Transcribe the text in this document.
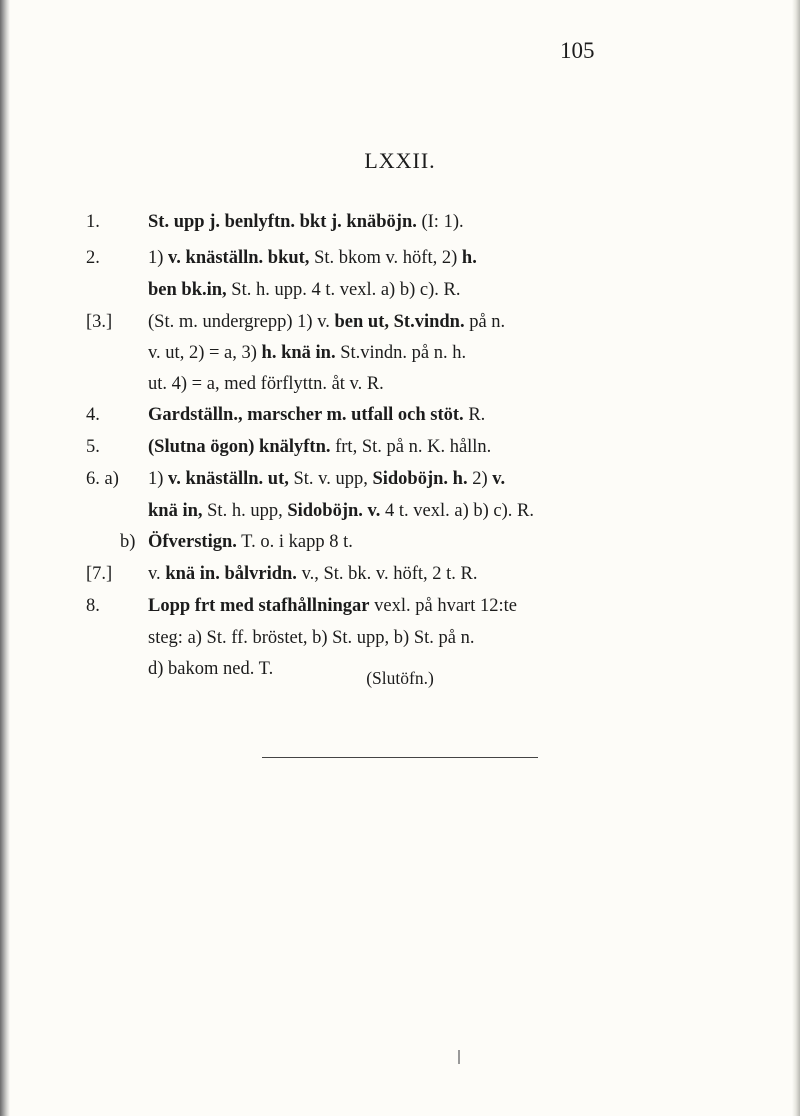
105
LXXII.
1.	St. upp j. benlyftn. bkt j. knäböjn. (I: 1).
2.	1) v. knäställn. bkut, St. bkom v. höft, 2) h.
ben bk.in, St. h. upp. 4 t. vexl. a) b) c). R.
[3.] (St. m. undergrepp) 1) v. ben ut, St.vindn. på n.
v. ut, 2) = a, 3) h. knä in. St.vindn. på n. h.
ut. 4) = a, med förflyttn. åt v. R.
4.	Gardställn., marscher m. utfall och stöt. R.
5.	(Slutna ögon) knälyftn. frt, St. på n. K. hålln.
6. a) 1) v. knäställn. ut, St. v. upp, Sidoböjn. h. 2) v.
knä in, St. h. upp, Sidoböjn. v. 4 t. vexl. a) b) c). R.
b) Öfverstign. T. o. i kapp 8 t.
[7.] v. knä in. bålvridn. v., St. bk. v. höft, 2 t. R.
8.	Lopp frt med stafhållningar vexl. på hvart 12:te
steg: a) St. ff. bröstet, b) St. upp, b) St. på n.
d) bakom ned. T.	(Slutöfn.)
